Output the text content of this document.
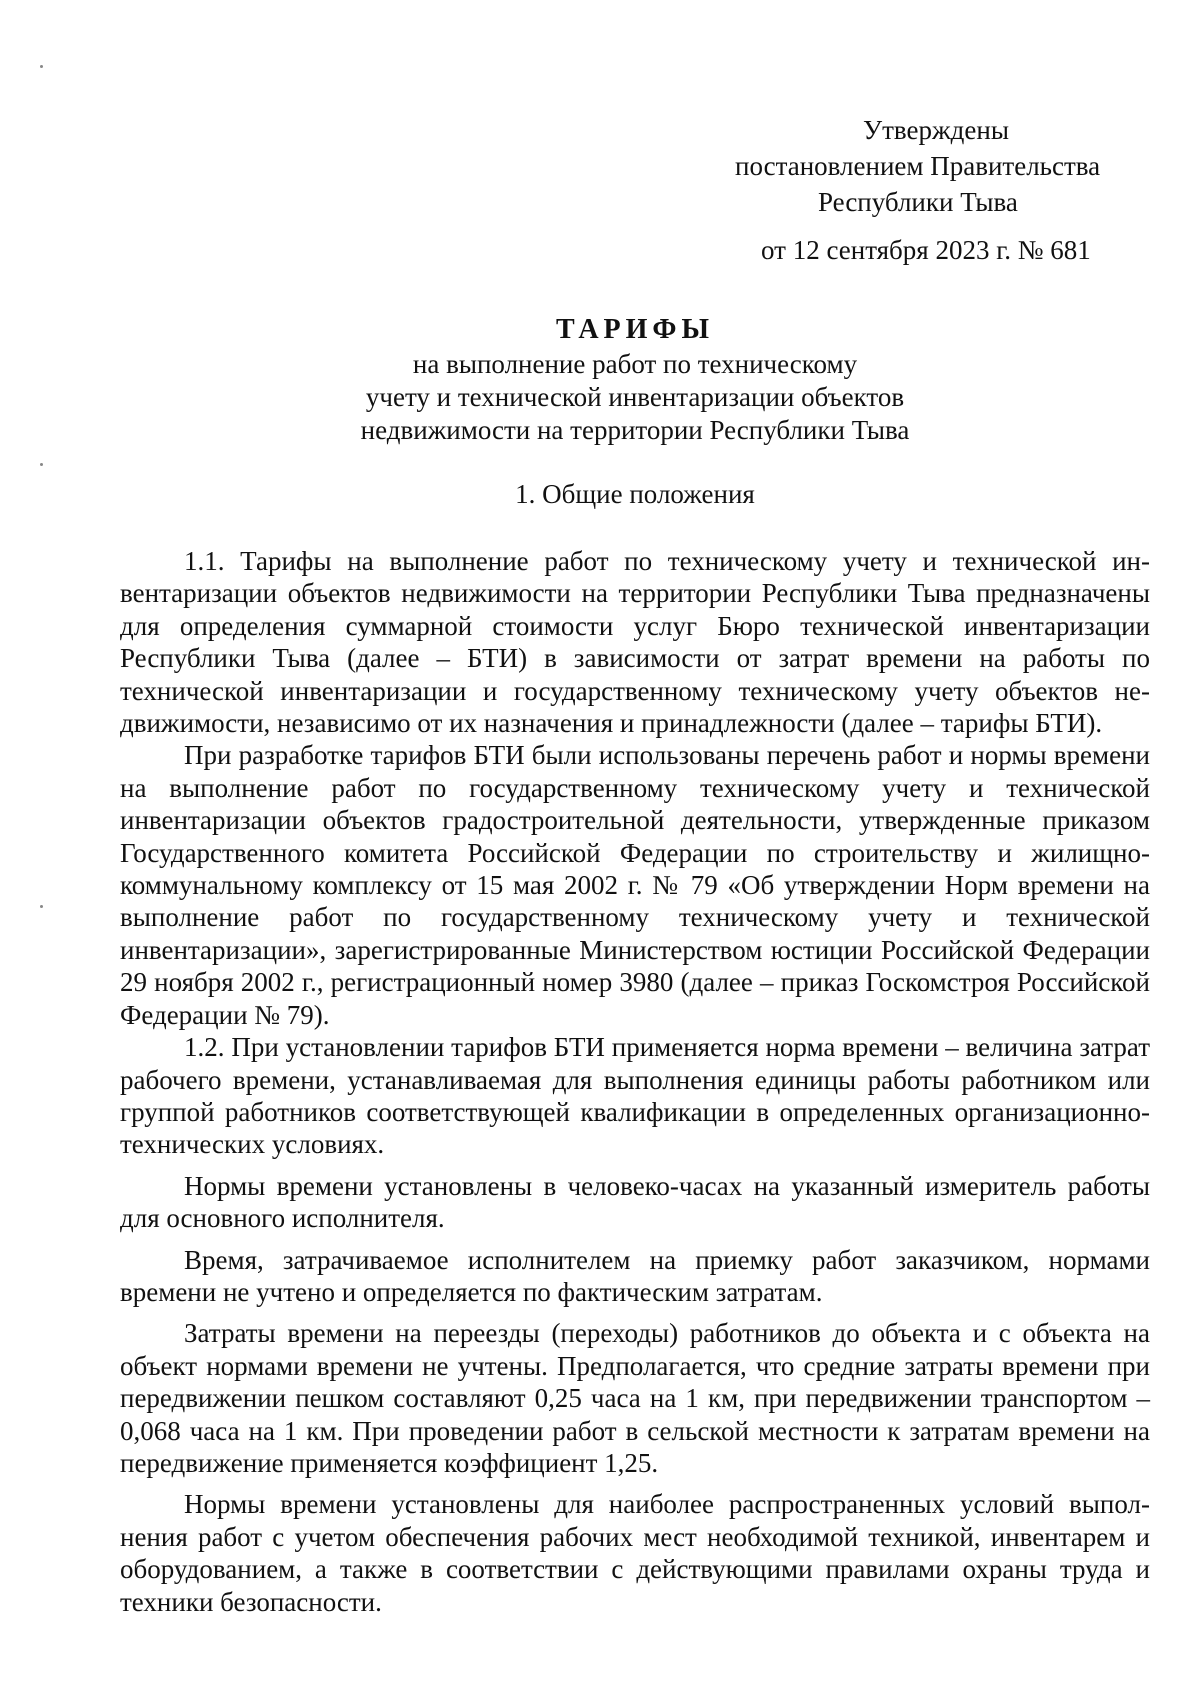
Утверждены
постановлением Правительства
Республики Тыва
от 12 сентября 2023 г. № 681
ТАРИФЫ

на выполнение работ по техническому
учету и технической инвентаризации объектов
недвижимости на территории Республики Тыва

1. Общие положения

1.1. Тарифы на выполнение работ по техническому учету и технической инвентаризации объектов недвижимости на территории Республики Тыва предназначены для определения суммарной стоимости услуг Бюро технической инвентаризации Республики Тыва (далее – БТИ) в зависимости от затрат времени на работы по технической инвентаризации и государственному техническому учету объектов недвижимости, независимо от их назначения и принадлежности (далее – тарифы БТИ).

При разработке тарифов БТИ были использованы перечень работ и нормы времени на выполнение работ по государственному техническому учету и технической инвентаризации объектов градостроительной деятельности, утвержденные приказом Государственного комитета Российской Федерации по строительству и жилищно-коммунальному комплексу от 15 мая 2002 г. № 79 «Об утверждении Норм времени на выполнение работ по государственному техническому учету и технической инвентаризации», зарегистрированные Министерством юстиции Российской Федерации 29 ноября 2002 г., регистрационный номер 3980 (далее – приказ Госкомстроя Российской Федерации № 79).

1.2. При установлении тарифов БТИ применяется норма времени – величина затрат рабочего времени, устанавливаемая для выполнения единицы работы работником или группой работников соответствующей квалификации в определенных организационно-технических условиях.

Нормы времени установлены в человеко-часах на указанный измеритель работы для основного исполнителя.

Время, затрачиваемое исполнителем на приемку работ заказчиком, нормами времени не учтено и определяется по фактическим затратам.

Затраты времени на переезды (переходы) работников до объекта и с объекта на объект нормами времени не учтены. Предполагается, что средние затраты времени при передвижении пешком составляют 0,25 часа на 1 км, при передвижении транспортом – 0,068 часа на 1 км. При проведении работ в сельской местности к затратам времени на передвижение применяется коэффициент 1,25.

Нормы времени установлены для наиболее распространенных условий выполнения работ с учетом обеспечения рабочих мест необходимой техникой, инвентарем и оборудованием, а также в соответствии с действующими правилами охраны труда и техники безопасности.
